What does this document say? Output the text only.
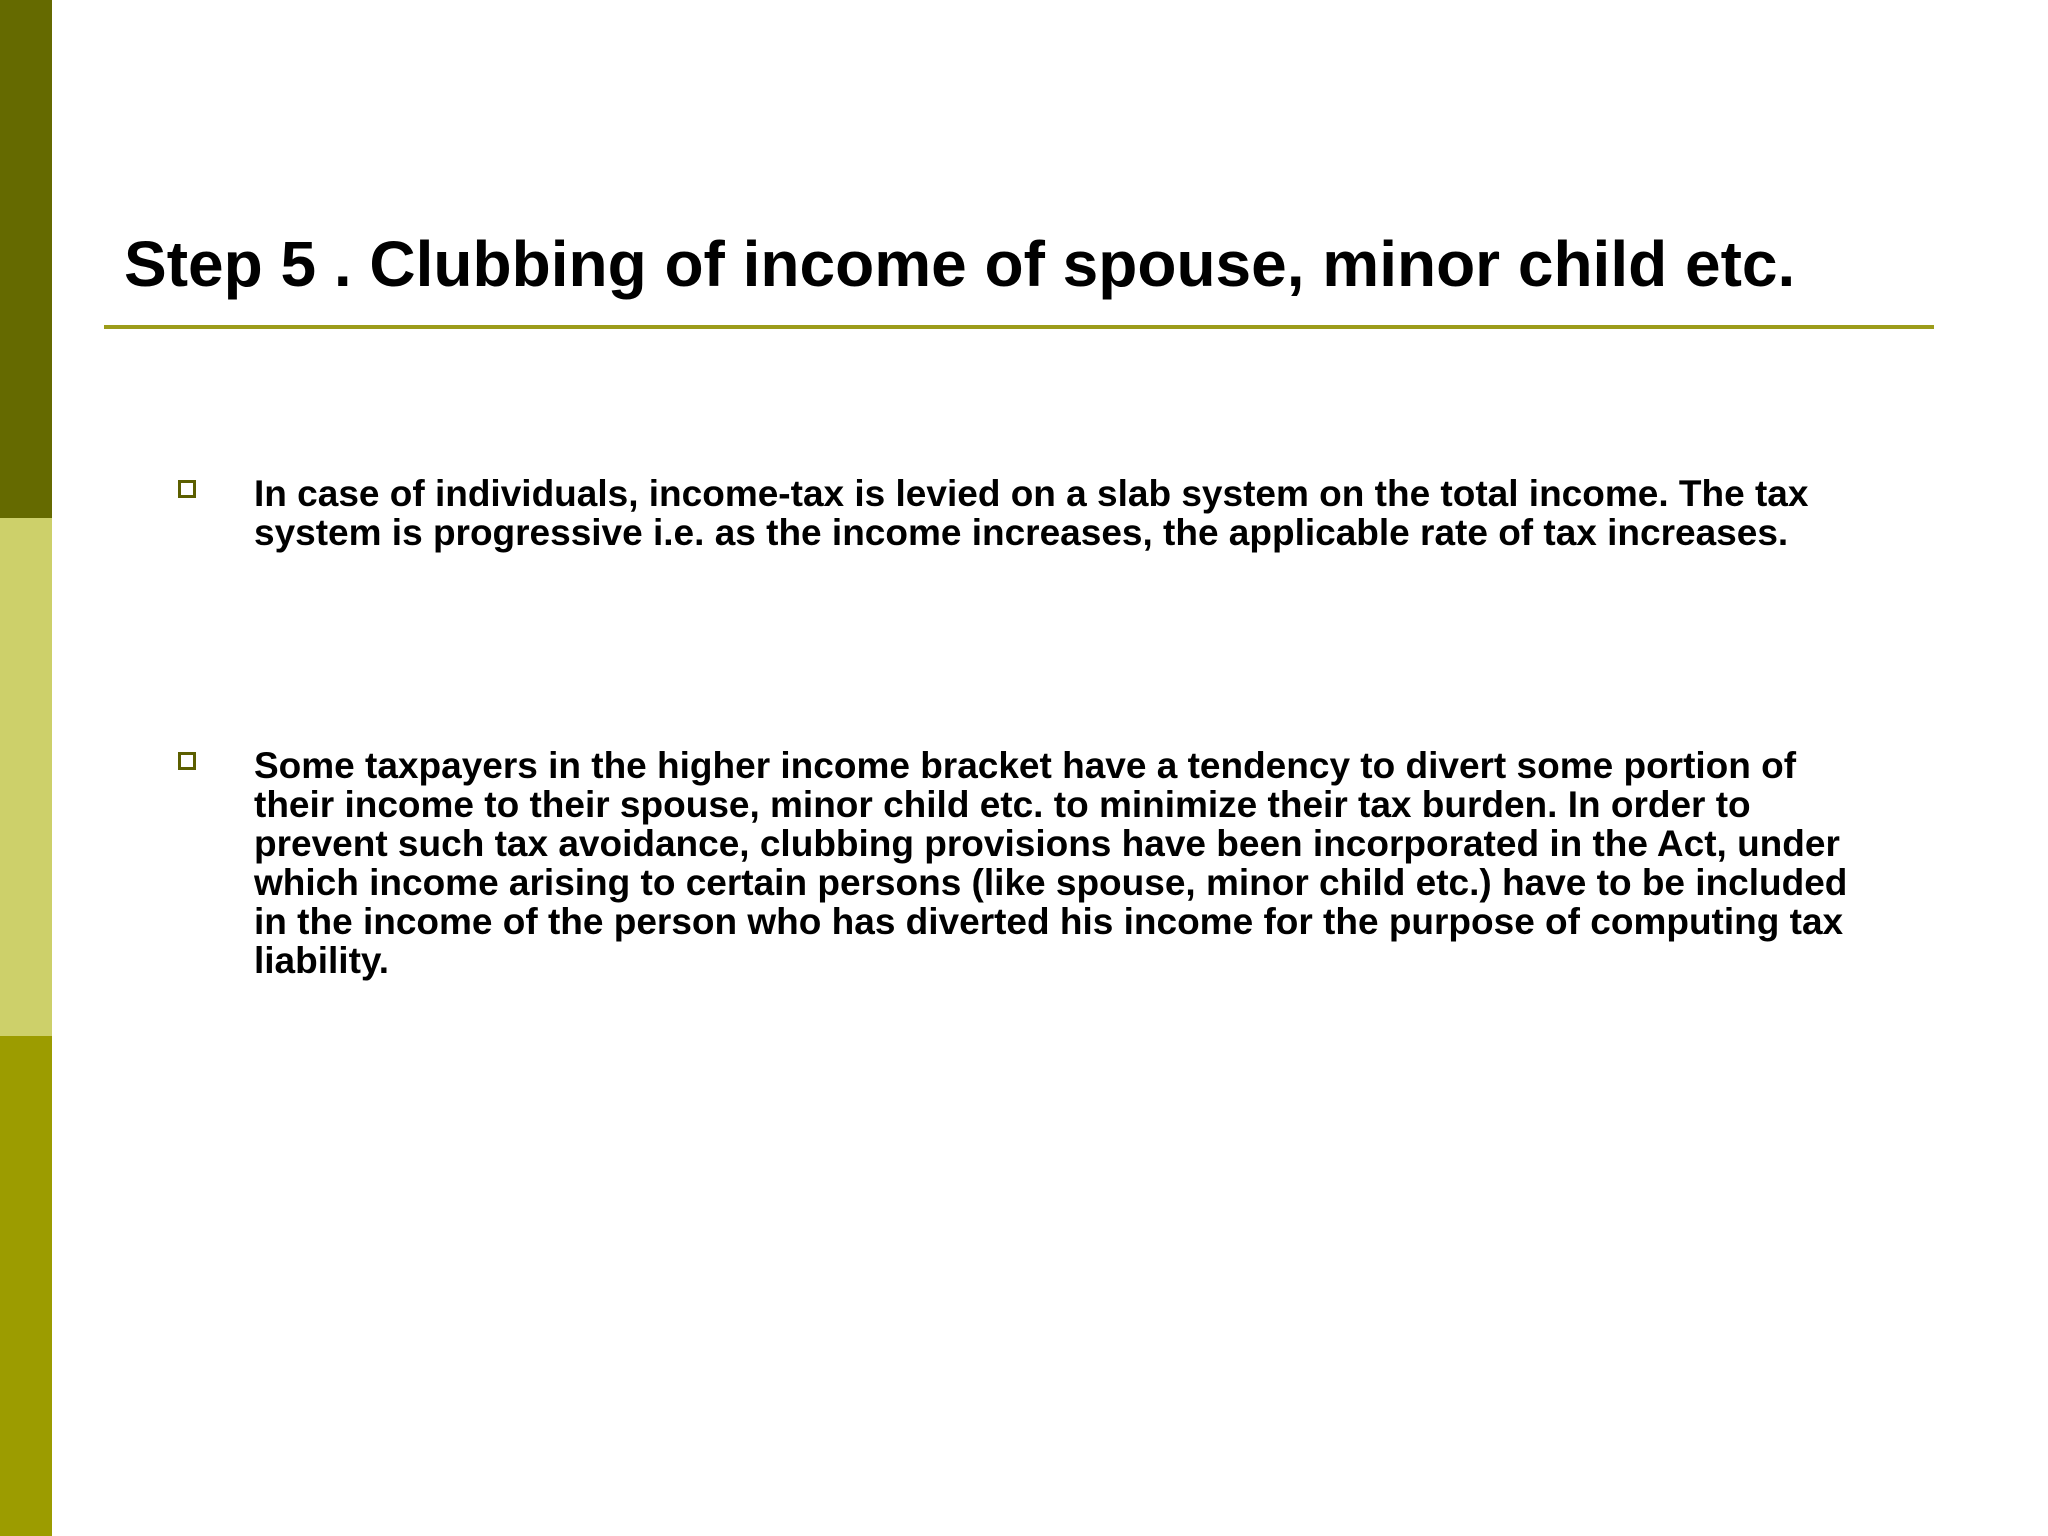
Step 5 . Clubbing of income of spouse, minor child etc.

In case of individuals, income-tax is levied on a slab system on the total income. The tax system is progressive i.e. as the income increases, the applicable rate of tax increases.

Some taxpayers in the higher income bracket have a tendency to divert some portion of their income to their spouse, minor child etc. to minimize their tax burden. In order to prevent such tax avoidance, clubbing provisions have been incorporated in the Act, under which income arising to certain persons (like spouse, minor child etc.) have to be included in the income of the person who has diverted his income for the purpose of computing tax liability.
